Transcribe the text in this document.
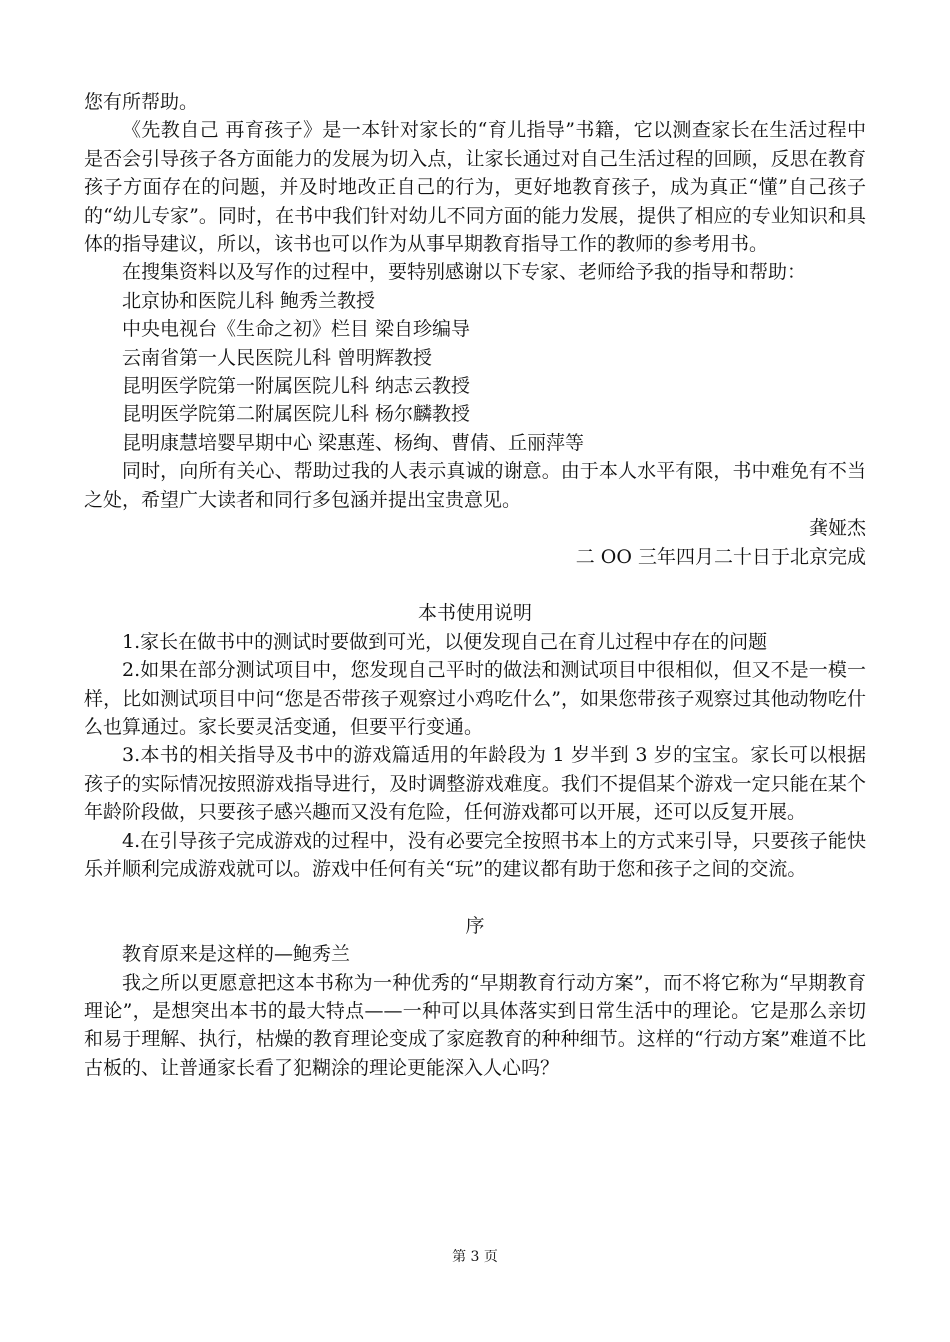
您有所帮助。

《先教自己 再育孩子》是一本针对家长的“育儿指导”书籍，它以测查家长在生活过程中是否会引导孩子各方面能力的发展为切入点，让家长通过对自己生活过程的回顾，反思在教育孩子方面存在的问题，并及时地改正自己的行为，更好地教育孩子，成为真正“懂”自己孩子的“幼儿专家”。同时，在书中我们针对幼儿不同方面的能力发展，提供了相应的专业知识和具体的指导建议，所以，该书也可以作为从事早期教育指导工作的教师的参考用书。

在搜集资料以及写作的过程中，要特别感谢以下专家、老师给予我的指导和帮助：

北京协和医院儿科 鲍秀兰教授

中央电视台《生命之初》栏目 梁自珍编导

云南省第一人民医院儿科 曾明辉教授

昆明医学院第一附属医院儿科 纳志云教授

昆明医学院第二附属医院儿科 杨尔麟教授

昆明康慧培婴早期中心 梁惠莲、杨绚、曹倩、丘丽萍等

同时，向所有关心、帮助过我的人表示真诚的谢意。由于本人水平有限，书中难免有不当之处，希望广大读者和同行多包涵并提出宝贵意见。

龚娅杰

二 OO 三年四月二十日于北京完成

本书使用说明

1.家长在做书中的测试时要做到可光，以便发现自己在育儿过程中存在的问题

2.如果在部分测试项目中，您发现自己平时的做法和测试项目中很相似，但又不是一模一样，比如测试项目中问“您是否带孩子观察过小鸡吃什么”，如果您带孩子观察过其他动物吃什么也算通过。家长要灵活变通，但要平行变通。

3.本书的相关指导及书中的游戏篇适用的年龄段为 1 岁半到 3 岁的宝宝。家长可以根据孩子的实际情况按照游戏指导进行，及时调整游戏难度。我们不提倡某个游戏一定只能在某个年龄阶段做，只要孩子感兴趣而又没有危险，任何游戏都可以开展，还可以反复开展。

4.在引导孩子完成游戏的过程中，没有必要完全按照书本上的方式来引导，只要孩子能快乐并顺利完成游戏就可以。游戏中任何有关“玩”的建议都有助于您和孩子之间的交流。

序

教育原来是这样的—鲍秀兰

我之所以更愿意把这本书称为一种优秀的“早期教育行动方案”，而不将它称为“早期教育理论”，是想突出本书的最大特点——一种可以具体落实到日常生活中的理论。它是那么亲切和易于理解、执行，枯燥的教育理论变成了家庭教育的种种细节。这样的“行动方案”难道不比古板的、让普通家长看了犯糊涂的理论更能深入人心吗？

第 3 页
